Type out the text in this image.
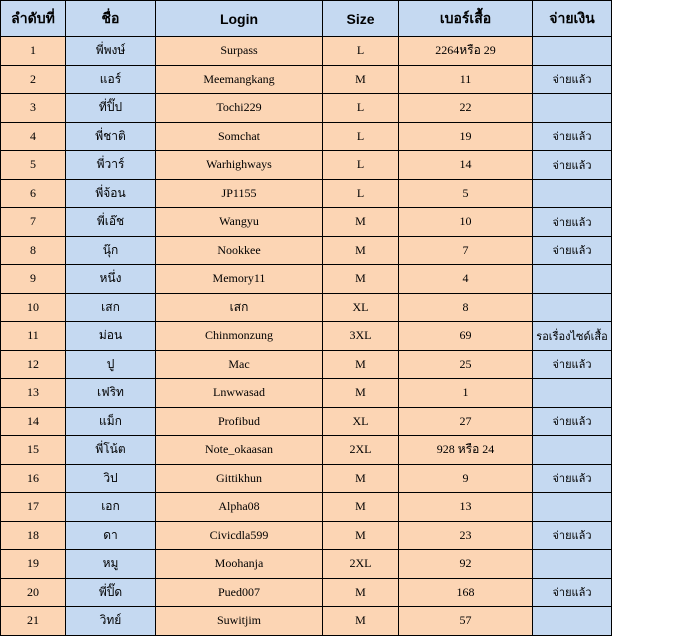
ลำดับที่	ชื่อ	Login	Size	เบอร์เสื้อ	จ่ายเงิน
1	พี่พงษ์	Surpass	L	2264หรือ 29	
2	แอร์	Meemangkang	M	11	จ่ายแล้ว
3	ที่ปิ๊ป	Tochi229	L	22	
4	พี่ชาติ	Somchat	L	19	จ่ายแล้ว
5	พี่วาร์	Warhighways	L	14	จ่ายแล้ว
6	พี่จ้อน	JP1155	L	5	
7	พี่เอ๊ช	Wangyu	M	10	จ่ายแล้ว
8	นุ๊ก	Nookkee	M	7	จ่ายแล้ว
9	หนึ่ง	Memory11	M	4	
10	เสก	เสก	XL	8	
11	ม่อน	Chinmonzung	3XL	69	รอเรื่องไซด์เสื้อ
12	ปู	Mac	M	25	จ่ายแล้ว
13	เฟริท	Lnwwasad	M	1	
14	แม็ก	Profibud	XL	27	จ่ายแล้ว
15	พี่โน้ต	Note_okaasan	2XL	928 หรือ 24	
16	วิป	Gittikhun	M	9	จ่ายแล้ว
17	เอก	Alpha08	M	13	
18	ดา	Civicdla599	M	23	จ่ายแล้ว
19	หมู	Moohanja	2XL	92	
20	พี่ปิ๊ด	Pued007	M	168	จ่ายแล้ว
21	วิทย์	Suwitjim	M	57	
